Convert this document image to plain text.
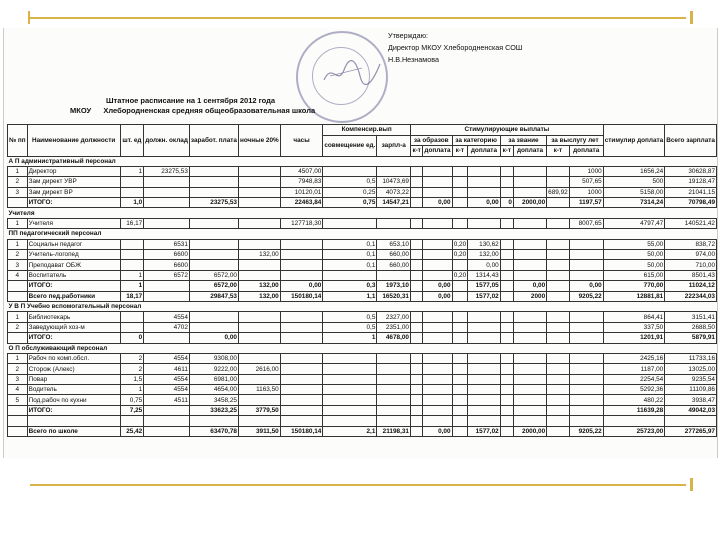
Утверждаю:
Директор МКОУ Хлебородненская СОШ
Н.В.Незнамова
Штатное расписание на 1 сентября 2012 года
МКОУ Хлебородненская средняя общеобразовательная школа
№ пп	Наименование должности	шт. ед	должн. оклад	заработ. плата	ночные 20%	часы	Компенсир.вып		Стимулирующие выплаты								стимулир доплата	Всего зарплата
							совмещение ед.	зарпл-а	за образов		за категорию		за звание		за выслугу лет			
									к-т	доплата	к-т	доплата	к-т	доплата	к-т	доплата		
А П административный персонал																		
1	Директор	1	23275,53			4507,00										1000	1656,24	30628,87
2	Зам директ УВР					7948,83	0,5	10473,69								507,65	500	19128,47
3	Зам директ ВР					10120,01	0,25	4073,22							689,92	1000	5158,00	21041,15
	ИТОГО:	1,0		23275,53		22463,84	0,75	14547,21		0,00		0,00	0	2000,00		1197,57	7314,24	70798,49
Учителя																		
1	Учителя	16,17				127718,30										8007,65	4797,47	140521,42
ПП педагогический персонал																		
1	Социальн педагог		6531				0,1	653,10			0,20	130,62					55,00	838,72
2	Учитель-логопед		6600		132,00		0,1	660,00			0,20	132,00					50,00	974,00
3	Преподават ОБЖ		6600				0,1	660,00				0,00					50,00	710,00
4	Воспитатель	1	6572	6572,00							0,20	1314,43					615,00	8501,43
	ИТОГО:	1		6572,00	132,00	0,00	0,3	1973,10		0,00		1577,05		0,00		0,00	770,00	11024,12
	Всего пед.работники	18,17		29847,53	132,00	150180,14	1,1	16520,31		0,00		1577,02		2000		9205,22	12881,81	222344,03
У В П Учебно вспомогательный персонал																		
1	Библиотекарь		4554				0,5	2327,00									864,41	3151,41
2	Заведующий хоз-м		4702				0,5	2351,00									337,50	2688,50
	ИТОГО:	0		0,00			1	4678,00									1201,91	5879,91
О П обслуживающий персонал																		
1	Рабоч по комп.обсл.	2	4554	9308,00													2425,16	11733,16
2	Сторож (Алекс)	2	4611	9222,00	2616,00												1187,00	13025,00
3	Повар	1,5	4554	6981,00													2254,54	9235,54
4	Водитель	1	4554	4654,00	1163,50												5292,36	11109,86
5	Под.рабоч по кухни	0,75	4511	3458,25													480,22	3938,47
	ИТОГО:	7,25		33623,25	3779,50												11639,28	49042,03

	Всего по школе	25,42		63470,78	3911,50	150180,14	2,1	21198,31		0,00		1577,02		2000,00		9205,22	25723,00	277265,97
